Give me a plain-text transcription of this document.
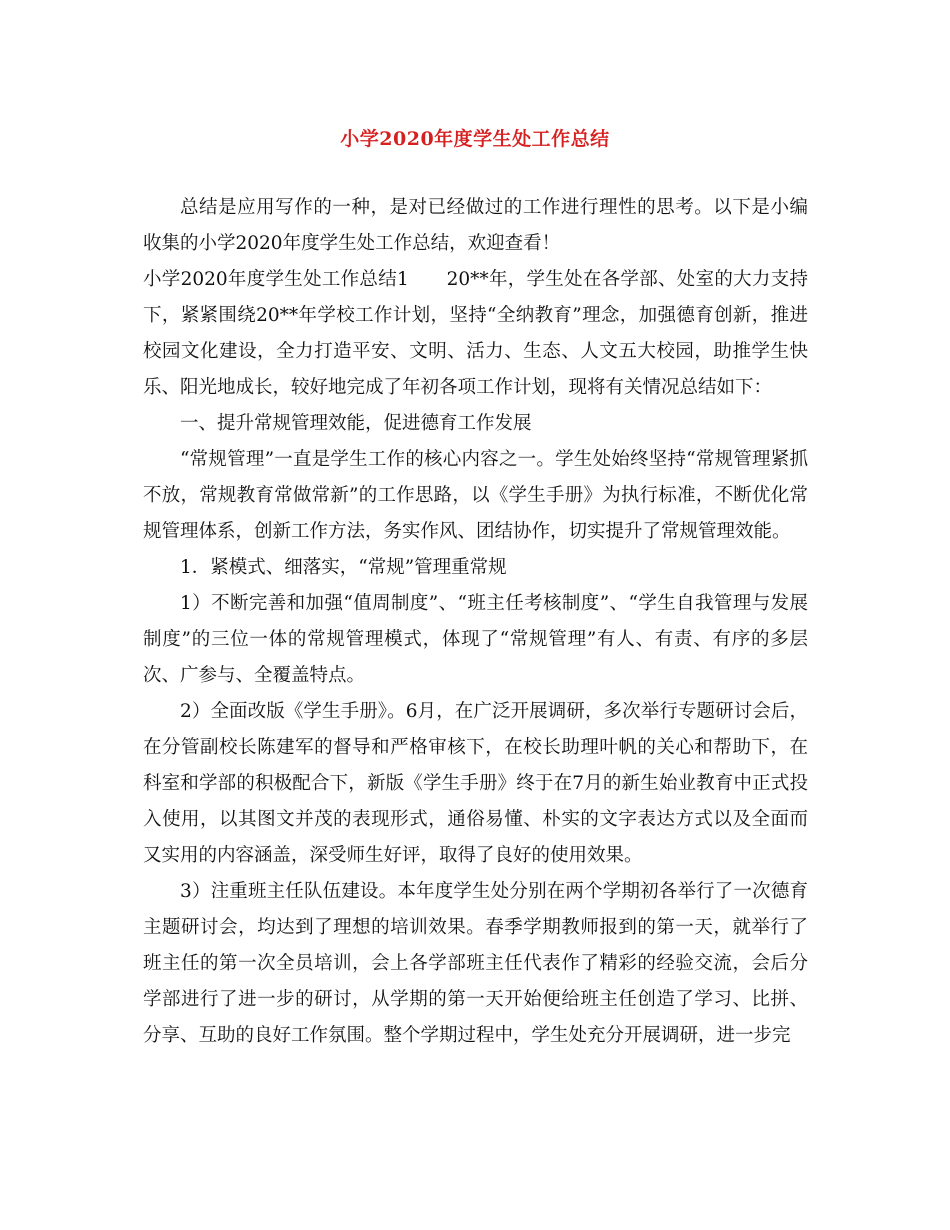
小学2020年度学生处工作总结

总结是应用写作的一种，是对已经做过的工作进行理性的思考。以下是小编收集的小学2020年度学生处工作总结，欢迎查看！

小学2020年度学生处工作总结1　　20**年，学生处在各学部、处室的大力支持下，紧紧围绕20**年学校工作计划，坚持“全纳教育”理念，加强德育创新，推进校园文化建设，全力打造平安、文明、活力、生态、人文五大校园，助推学生快乐、阳光地成长，较好地完成了年初各项工作计划，现将有关情况总结如下：

一、提升常规管理效能，促进德育工作发展

“常规管理”一直是学生工作的核心内容之一。学生处始终坚持“常规管理紧抓不放，常规教育常做常新”的工作思路，以《学生手册》为执行标准，不断优化常规管理体系，创新工作方法，务实作风、团结协作，切实提升了常规管理效能。

1．紧模式、细落实，“常规”管理重常规

1）不断完善和加强“值周制度”、“班主任考核制度”、“学生自我管理与发展制度”的三位一体的常规管理模式，体现了“常规管理”有人、有责、有序的多层次、广参与、全覆盖特点。

2）全面改版《学生手册》。6月，在广泛开展调研，多次举行专题研讨会后，在分管副校长陈建军的督导和严格审核下，在校长助理叶帆的关心和帮助下，在科室和学部的积极配合下，新版《学生手册》终于在7月的新生始业教育中正式投入使用，以其图文并茂的表现形式，通俗易懂、朴实的文字表达方式以及全面而又实用的内容涵盖，深受师生好评，取得了良好的使用效果。

3）注重班主任队伍建设。本年度学生处分别在两个学期初各举行了一次德育主题研讨会，均达到了理想的培训效果。春季学期教师报到的第一天，就举行了班主任的第一次全员培训，会上各学部班主任代表作了精彩的经验交流，会后分学部进行了进一步的研讨，从学期的第一天开始便给班主任创造了学习、比拼、分享、互助的良好工作氛围。整个学期过程中，学生处充分开展调研，进一步完
